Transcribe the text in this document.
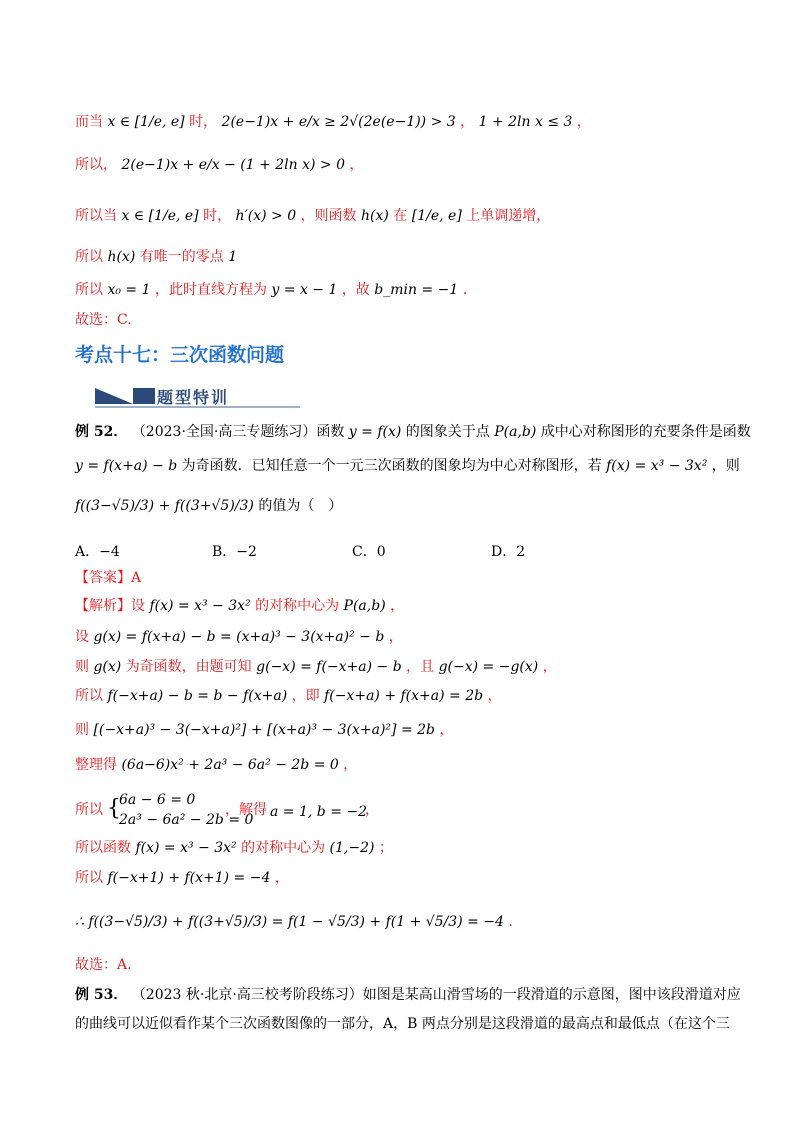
而当 x ∈ [1/e, e] 时， 2(e−1)x + e/x ≥ 2√(2e(e−1)) > 3 ， 1 + 2ln x ≤ 3 ，
所以， 2(e−1)x + e/x − (1 + 2ln x) > 0 ，
所以当 x ∈ [1/e, e] 时， h′(x) > 0 ，则函数 h(x) 在 [1/e, e] 上单调递增，
所以 h(x) 有唯一的零点 1
所以 x₀ = 1 ，此时直线方程为 y = x − 1 ，故 b_min = −1 .
故选：C.
考点十七：三次函数问题
题型特训
例 52． （2023·全国·高三专题练习）函数 y = f(x) 的图象关于点 P(a,b) 成中心对称图形的充要条件是函数
y = f(x+a) − b 为奇函数．已知任意一个一元三次函数的图象均为中心对称图形，若 f(x) = x³ − 3x² ，则
f((3−√5)/3) + f((3+√5)/3) 的值为（　）
A．−4	B．−2	C．0	D．2
【答案】A
【解析】设 f(x) = x³ − 3x² 的对称中心为 P(a,b) ，
设 g(x) = f(x+a) − b = (x+a)³ − 3(x+a)² − b ，
则 g(x) 为奇函数，由题可知 g(−x) = f(−x+a) − b ，且 g(−x) = −g(x) ，
所以 f(−x+a) − b = b − f(x+a) ，即 f(−x+a) + f(x+a) = 2b ，
则 [(−x+a)³ − 3(−x+a)²] + [(x+a)³ − 3(x+a)²] = 2b ，
整理得 (6a−6)x² + 2a³ − 6a² − 2b = 0 ，
所以 {
6a − 6 = 0
2a³ − 6a² − 2b = 0
，解得 a = 1, b = −2
，
所以函数 f(x) = x³ − 3x² 的对称中心为 (1,−2) ；
所以 f(−x+1) + f(x+1) = −4 ，
∴ f((3−√5)/3) + f((3+√5)/3) = f(1 − √5/3) + f(1 + √5/3) = −4 .
故选：A.
例 53． （2023 秋·北京·高三校考阶段练习）如图是某高山滑雪场的一段滑道的示意图，图中该段滑道对应
的曲线可以近似看作某个三次函数图像的一部分，A，B 两点分别是这段滑道的最高点和最低点（在这个三
